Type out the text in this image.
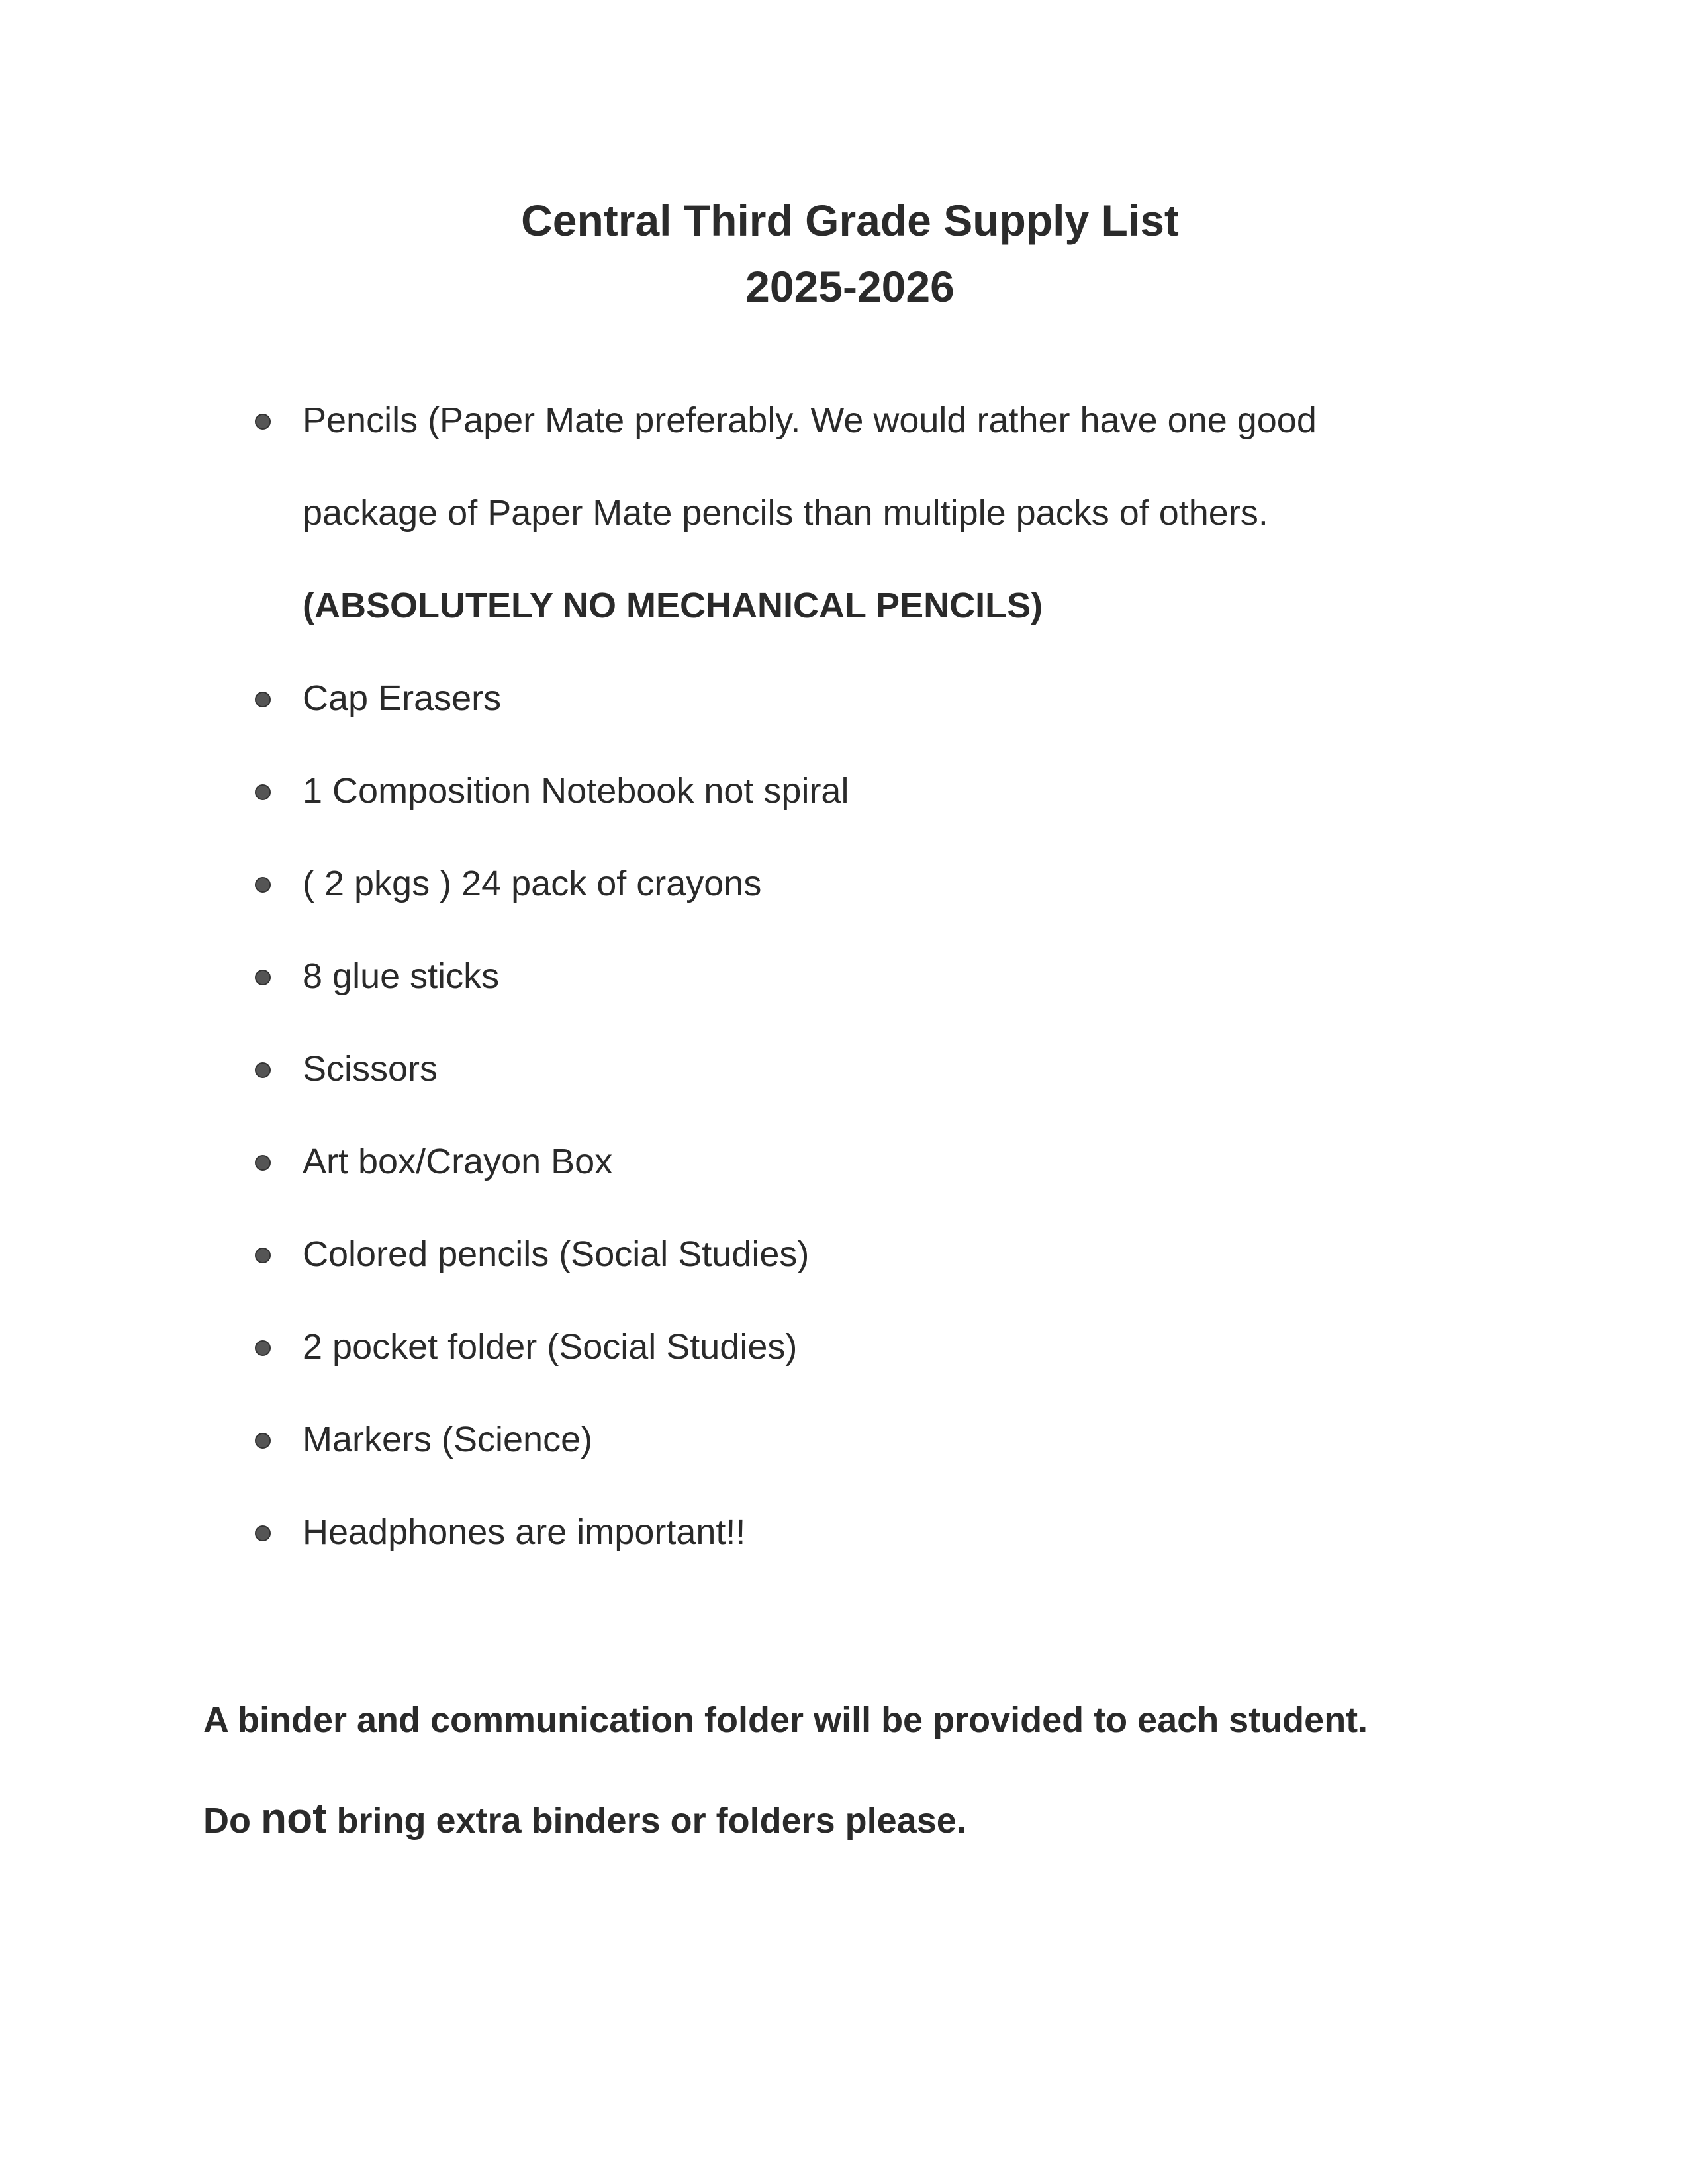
Central Third Grade Supply List
2025-2026
Pencils (Paper Mate preferably. We would rather have one good
package of Paper Mate pencils than multiple packs of others.
(ABSOLUTELY NO MECHANICAL PENCILS)
Cap Erasers
1 Composition Notebook not spiral
( 2 pkgs ) 24 pack of crayons
8 glue sticks
Scissors
Art box/Crayon Box
Colored pencils (Social Studies)
2 pocket folder (Social Studies)
Markers (Science)
Headphones are important!!
A binder and communication folder will be provided to each student.
Do not bring extra binders or folders please.
